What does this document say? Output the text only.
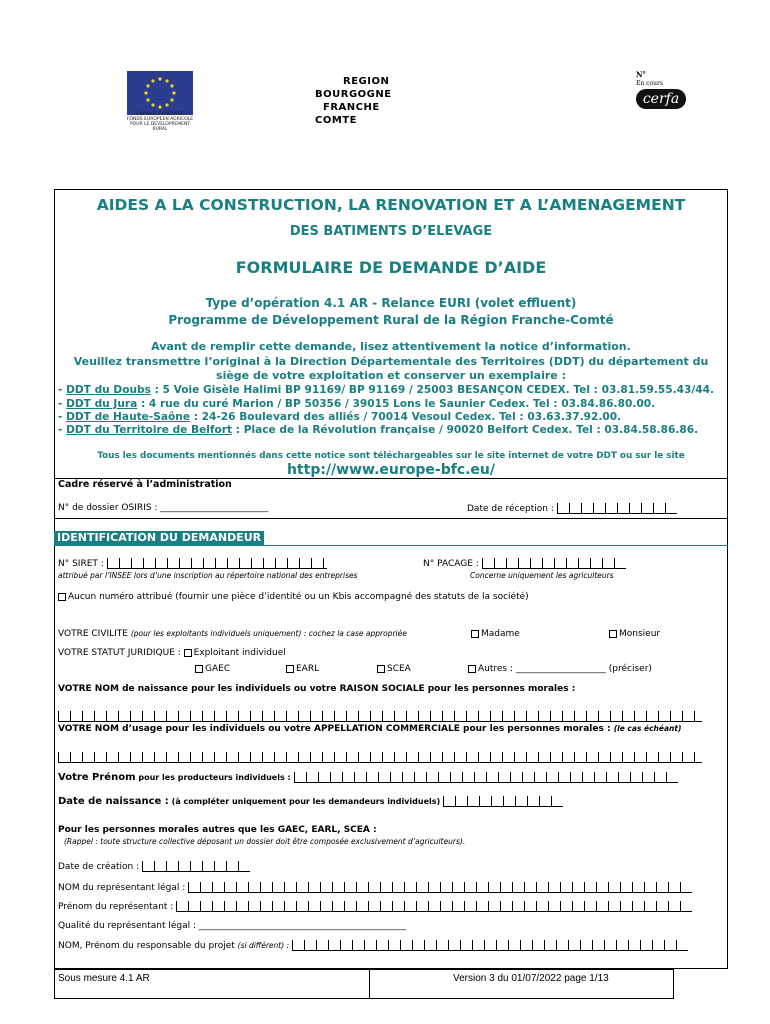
UNION EUROPEENNE
FONDS EUROPEEN AGRICOLE
POUR LE DEVELOPPEMENT
RURAL
REGION
BOURGOGNE
FRANCHE
COMTE
N°
En cours
cerfa
AIDES A LA CONSTRUCTION, LA RENOVATION ET A L’AMENAGEMENT
DES BATIMENTS D’ELEVAGE
FORMULAIRE DE DEMANDE D’AIDE
Type d’opération 4.1 AR - Relance EURI (volet effluent)
Programme de Développement Rural de la Région Franche-Comté
Avant de remplir cette demande, lisez attentivement la notice d’information.
Veuillez transmettre l’original à la Direction Départementale des Territoires (DDT) du département du
siège de votre exploitation et conserver un exemplaire :
- DDT du Doubs : 5 Voie Gisèle Halimi BP 91169/ BP 91169 / 25003 BESANÇON CEDEX. Tel : 03.81.59.55.43/44.
- DDT du Jura : 4 rue du curé Marion / BP 50356 / 39015 Lons le Saunier Cedex. Tel : 03.84.86.80.00.
- DDT de Haute-Saône : 24-26 Boulevard des alliés / 70014 Vesoul Cedex. Tel : 03.63.37.92.00.
- DDT du Territoire de Belfort : Place de la Révolution française / 90020 Belfort Cedex. Tel : 03.84.58.86.86.
Tous les documents mentionnés dans cette notice sont téléchargeables sur le site internet de votre DDT ou sur le site
http://www.europe-bfc.eu/
Cadre réservé à l’administration
N° de dossier OSIRIS : ________________________	Date de réception :
IDENTIFICATION DU DEMANDEUR
N° SIRET :
attribué par l’INSEE lors d’une inscription au répertoire national des entreprises
N° PACAGE :
Concerne uniquement les agriculteurs
Aucun numéro attribué (fournir une pièce d’identité ou un Kbis accompagné des statuts de la société)
VOTRE CIVILITE (pour les exploitants individuels uniquement) : cochez la case appropriée	Madame	Monsieur
VOTRE STATUT JURIDIQUE : Exploitant individuel
GAEC	EARL	SCEA	Autres : ____________________ (préciser)
VOTRE NOM de naissance pour les individuels ou votre RAISON SOCIALE pour les personnes morales :
VOTRE NOM d’usage pour les individuels ou votre APPELLATION COMMERCIALE pour les personnes morales : (le cas échéant)
Votre Prénom pour les producteurs individuels :
Date de naissance : (à compléter uniquement pour les demandeurs individuels)
Pour les personnes morales autres que les GAEC, EARL, SCEA :
(Rappel : toute structure collective déposant un dossier doit être composée exclusivement d’agriculteurs).
Date de création :
NOM du représentant légal :
Prénom du représentant :
Qualité du représentant légal : ______________________________________________
NOM, Prénom du responsable du projet (si différent) :
Sous mesure 4.1 AR	Version 3 du 01/07/2022 page 1/13
